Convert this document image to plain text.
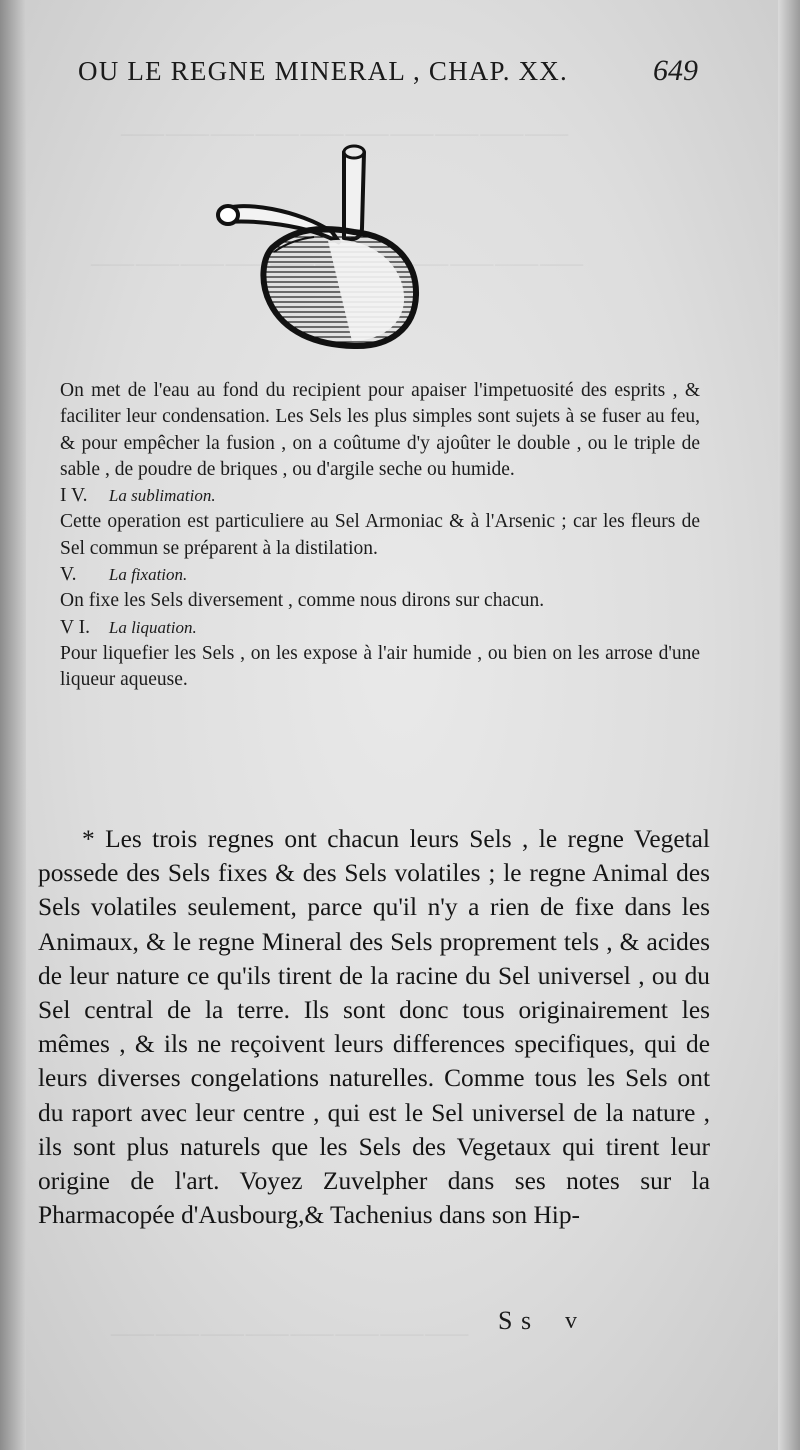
⸻⸻⸻⸻⸻⸻⸻⸻⸻⸻
⸻⸻⸻⸻⸻⸻⸻⸻
OU LE REGNE MINERAL , CHAP. XX.	649

On met de l'eau au fond du recipient pour apaiser l'impetuosité des esprits , & faciliter leur condensation. Les Sels les plus simples sont sujets à se fuser au feu, & pour empêcher la fusion , on a coûtume d'y ajoûter le double , ou le triple de sable , de poudre de briques , ou d'argile seche ou humide.

I V. La sublimation.

Cette operation est particuliere au Sel Armoniac & à l'Arsenic ; car les fleurs de Sel commun se préparent à la distilation.

V. La fixation.

On fixe les Sels diversement , comme nous dirons sur chacun.

V I. La liquation.

Pour liquefier les Sels , on les expose à l'air humide , ou bien on les arrose d'une liqueur aqueuse.

* Les trois regnes ont chacun leurs Sels , le regne Vegetal possede des Sels fixes & des Sels volatiles ; le regne Animal des Sels volatiles seulement, parce qu'il n'y a rien de fixe dans les Animaux, & le regne Mineral des Sels proprement tels , & acides de leur nature ce qu'ils tirent de la racine du Sel universel , ou du Sel central de la terre. Ils sont donc tous originairement les mêmes , & ils ne reçoivent leurs differences specifiques, qui de leurs diverses congelations naturelles. Comme tous les Sels ont du raport avec leur centre , qui est le Sel universel de la nature , ils sont plus naturels que les Sels des Vegetaux qui tirent leur origine de l'art. Voyez Zuvelpher dans ses notes sur la Pharmacopée d'Ausbourg,& Tachenius dans son Hip-

S s v
